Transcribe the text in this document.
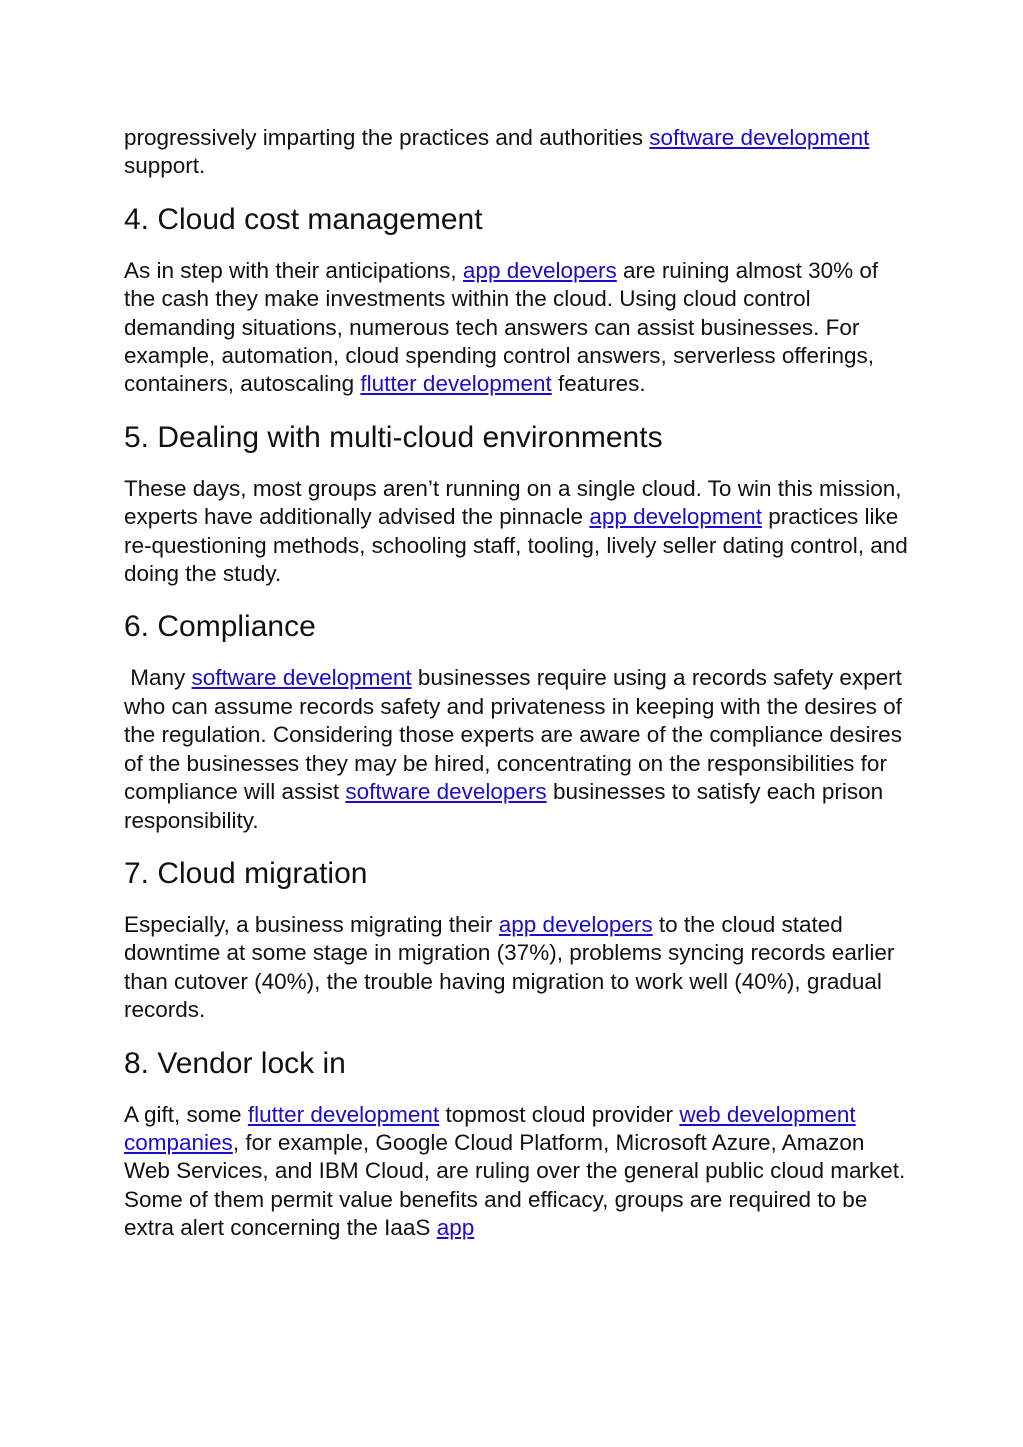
progressively imparting the practices and authorities software development support.

4. Cloud cost management

As in step with their anticipations, app developers are ruining almost 30% of the cash they make investments within the cloud. Using cloud control demanding situations, numerous tech answers can assist businesses. For example, automation, cloud spending control answers, serverless offerings, containers, autoscaling flutter development features.

5. Dealing with multi-cloud environments

These days, most groups aren’t running on a single cloud. To win this mission, experts have additionally advised the pinnacle app development practices like re-questioning methods, schooling staff, tooling, lively seller dating control, and doing the study.

6. Compliance

Many software development businesses require using a records safety expert who can assume records safety and privateness in keeping with the desires of the regulation. Considering those experts are aware of the compliance desires of the businesses they may be hired, concentrating on the responsibilities for compliance will assist software developers businesses to satisfy each prison responsibility.

7. Cloud migration

Especially, a business migrating their app developers to the cloud stated downtime at some stage in migration (37%), problems syncing records earlier than cutover (40%), the trouble having migration to work well (40%), gradual records.

8. Vendor lock in

A gift, some flutter development topmost cloud provider web development companies, for example, Google Cloud Platform, Microsoft Azure, Amazon Web Services, and IBM Cloud, are ruling over the general public cloud market. Some of them permit value benefits and efficacy, groups are required to be extra alert concerning the IaaS app
